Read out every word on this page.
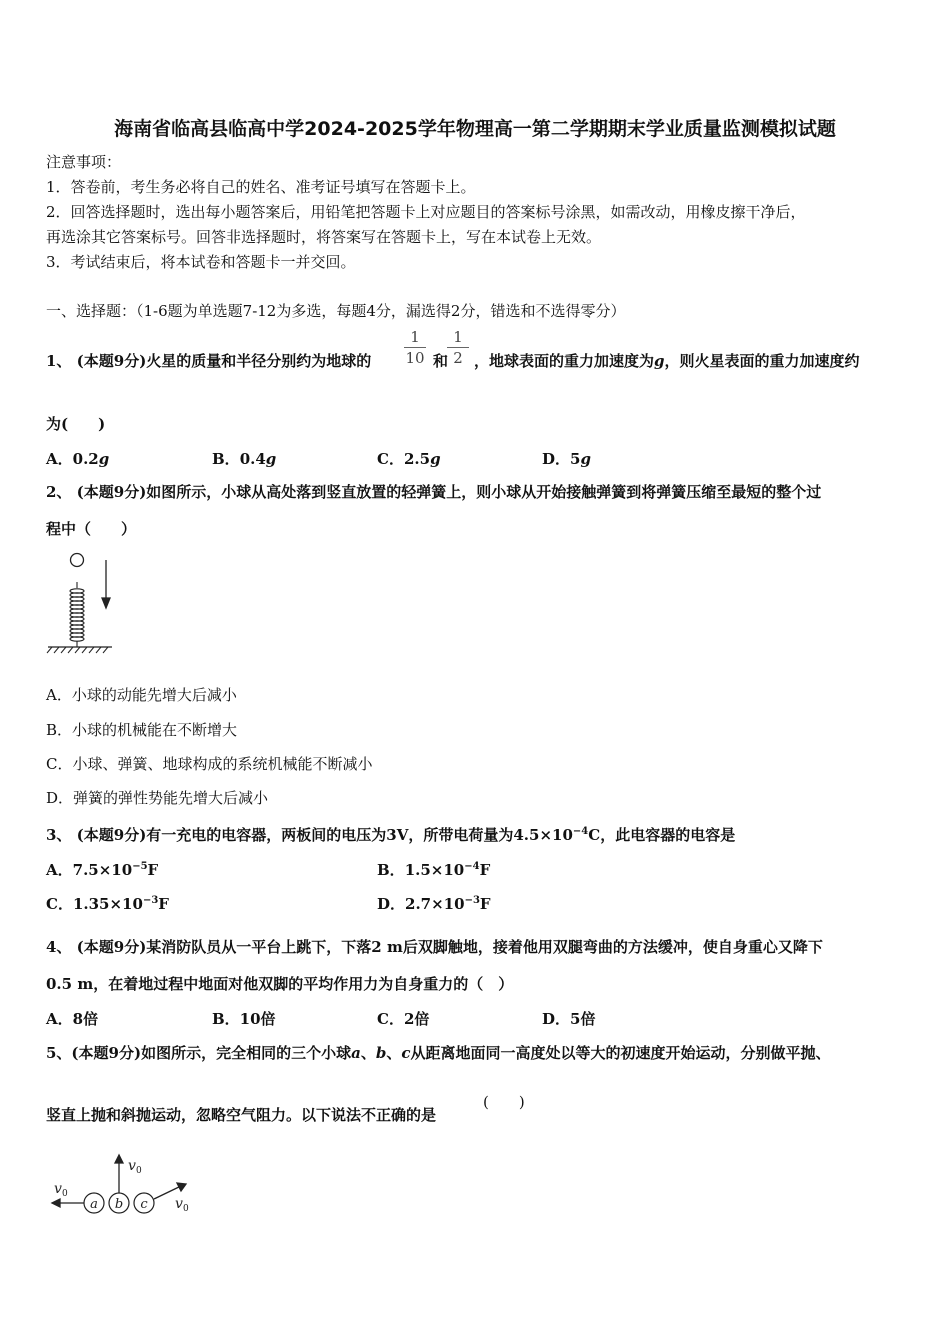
海南省临高县临高中学2024-2025学年物理高一第二学期期末学业质量监测模拟试题
注意事项：
1．答卷前，考生务必将自己的姓名、准考证号填写在答题卡上。
2．回答选择题时，选出每小题答案后，用铅笔把答题卡上对应题目的答案标号涂黑，如需改动，用橡皮擦干净后，
再选涂其它答案标号。回答非选择题时，将答案写在答题卡上，写在本试卷上无效。
3．考试结束后，将本试卷和答题卡一并交回。
一、选择题：（1-6题为单选题7-12为多选，每题4分，漏选得2分，错选和不选得零分）
1、 (本题9分)火星的质量和半径分别约为地球的 $\frac{1}{10}$ 和
$\frac{1}{2}$ ，地球表面的重力加速度为g，则火星表面的重力加速度约
为(　　)
A．0.2g	B．0.4g	C．2.5g	D．5g
2、 (本题9分)如图所示，小球从高处落到竖直放置的轻弹簧上，则小球从开始接触弹簧到将弹簧压缩至最短的整个过
程中（　　）
A．小球的动能先增大后减小
B．小球的机械能在不断增大
C．小球、弹簧、地球构成的系统机械能不断减小
D．弹簧的弹性势能先增大后减小
3、 (本题9分)有一充电的电容器，两板间的电压为3V，所带电荷量为$4.5\times 10^{-4}C$，此电容器的电容是
A．$7.5\times 10^{-5}F$	B．$1.5\times 10^{-4}F$
C．$1.35\times 10^{-3}F$	D．$2.7\times 10^{-3}F$
4、 (本题9分)某消防队员从一平台上跳下，下落2 m后双脚触地，接着他用双腿弯曲的方法缓冲，使自身重心又降下
0.5 m，在着地过程中地面对他双脚的平均作用力为自身重力的（　）
A．8倍	B．10倍	C．2倍	D．5倍
5、(本题9分)如图所示，完全相同的三个小球a、b、c从距离地面同一高度处以等大的初速度开始运动，分别做平抛、
竖直上抛和斜抛运动，忽略空气阻力。以下说法不正确的是
(　　)
a b c
v 0
v 0
v 0
